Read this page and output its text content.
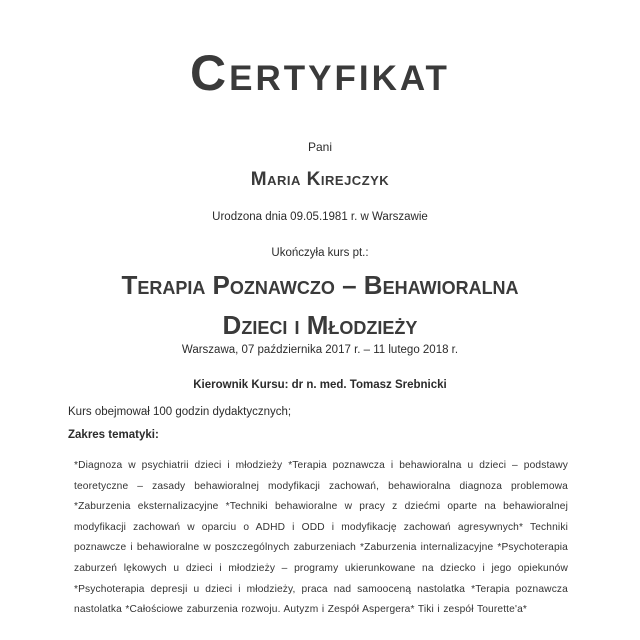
Certyfikat
Pani
Maria Kirejczyk
Urodzona dnia 09.05.1981 r. w Warszawie
Ukończyła kurs pt.:
Terapia Poznawczo – Behawioralna
Dzieci i Młodzieży
Warszawa, 07 października 2017 r. – 11 lutego 2018 r.
Kierownik Kursu: dr n. med. Tomasz Srebnicki
Kurs obejmował 100 godzin dydaktycznych;
Zakres tematyki:
*Diagnoza w psychiatrii dzieci i młodzieży *Terapia poznawcza i behawioralna u dzieci – podstawy teoretyczne – zasady behawioralnej modyfikacji zachowań, behawioralna diagnoza problemowa *Zaburzenia eksternalizacyjne *Techniki behawioralne w pracy z dziećmi oparte na behawioralnej modyfikacji zachowań w oparciu o ADHD i ODD i modyfikację zachowań agresywnych* Techniki poznawcze i behawioralne w poszczególnych zaburzeniach *Zaburzenia internalizacyjne *Psychoterapia zaburzeń lękowych u dzieci i młodzieży – programy ukierunkowane na dziecko i jego opiekunów *Psychoterapia depresji u dzieci i młodzieży, praca nad samooceną nastolatka *Terapia poznawcza nastolatka *Całościowe zaburzenia rozwoju. Autyzm i Zespół Aspergera* Tiki i zespół Tourette'a*
